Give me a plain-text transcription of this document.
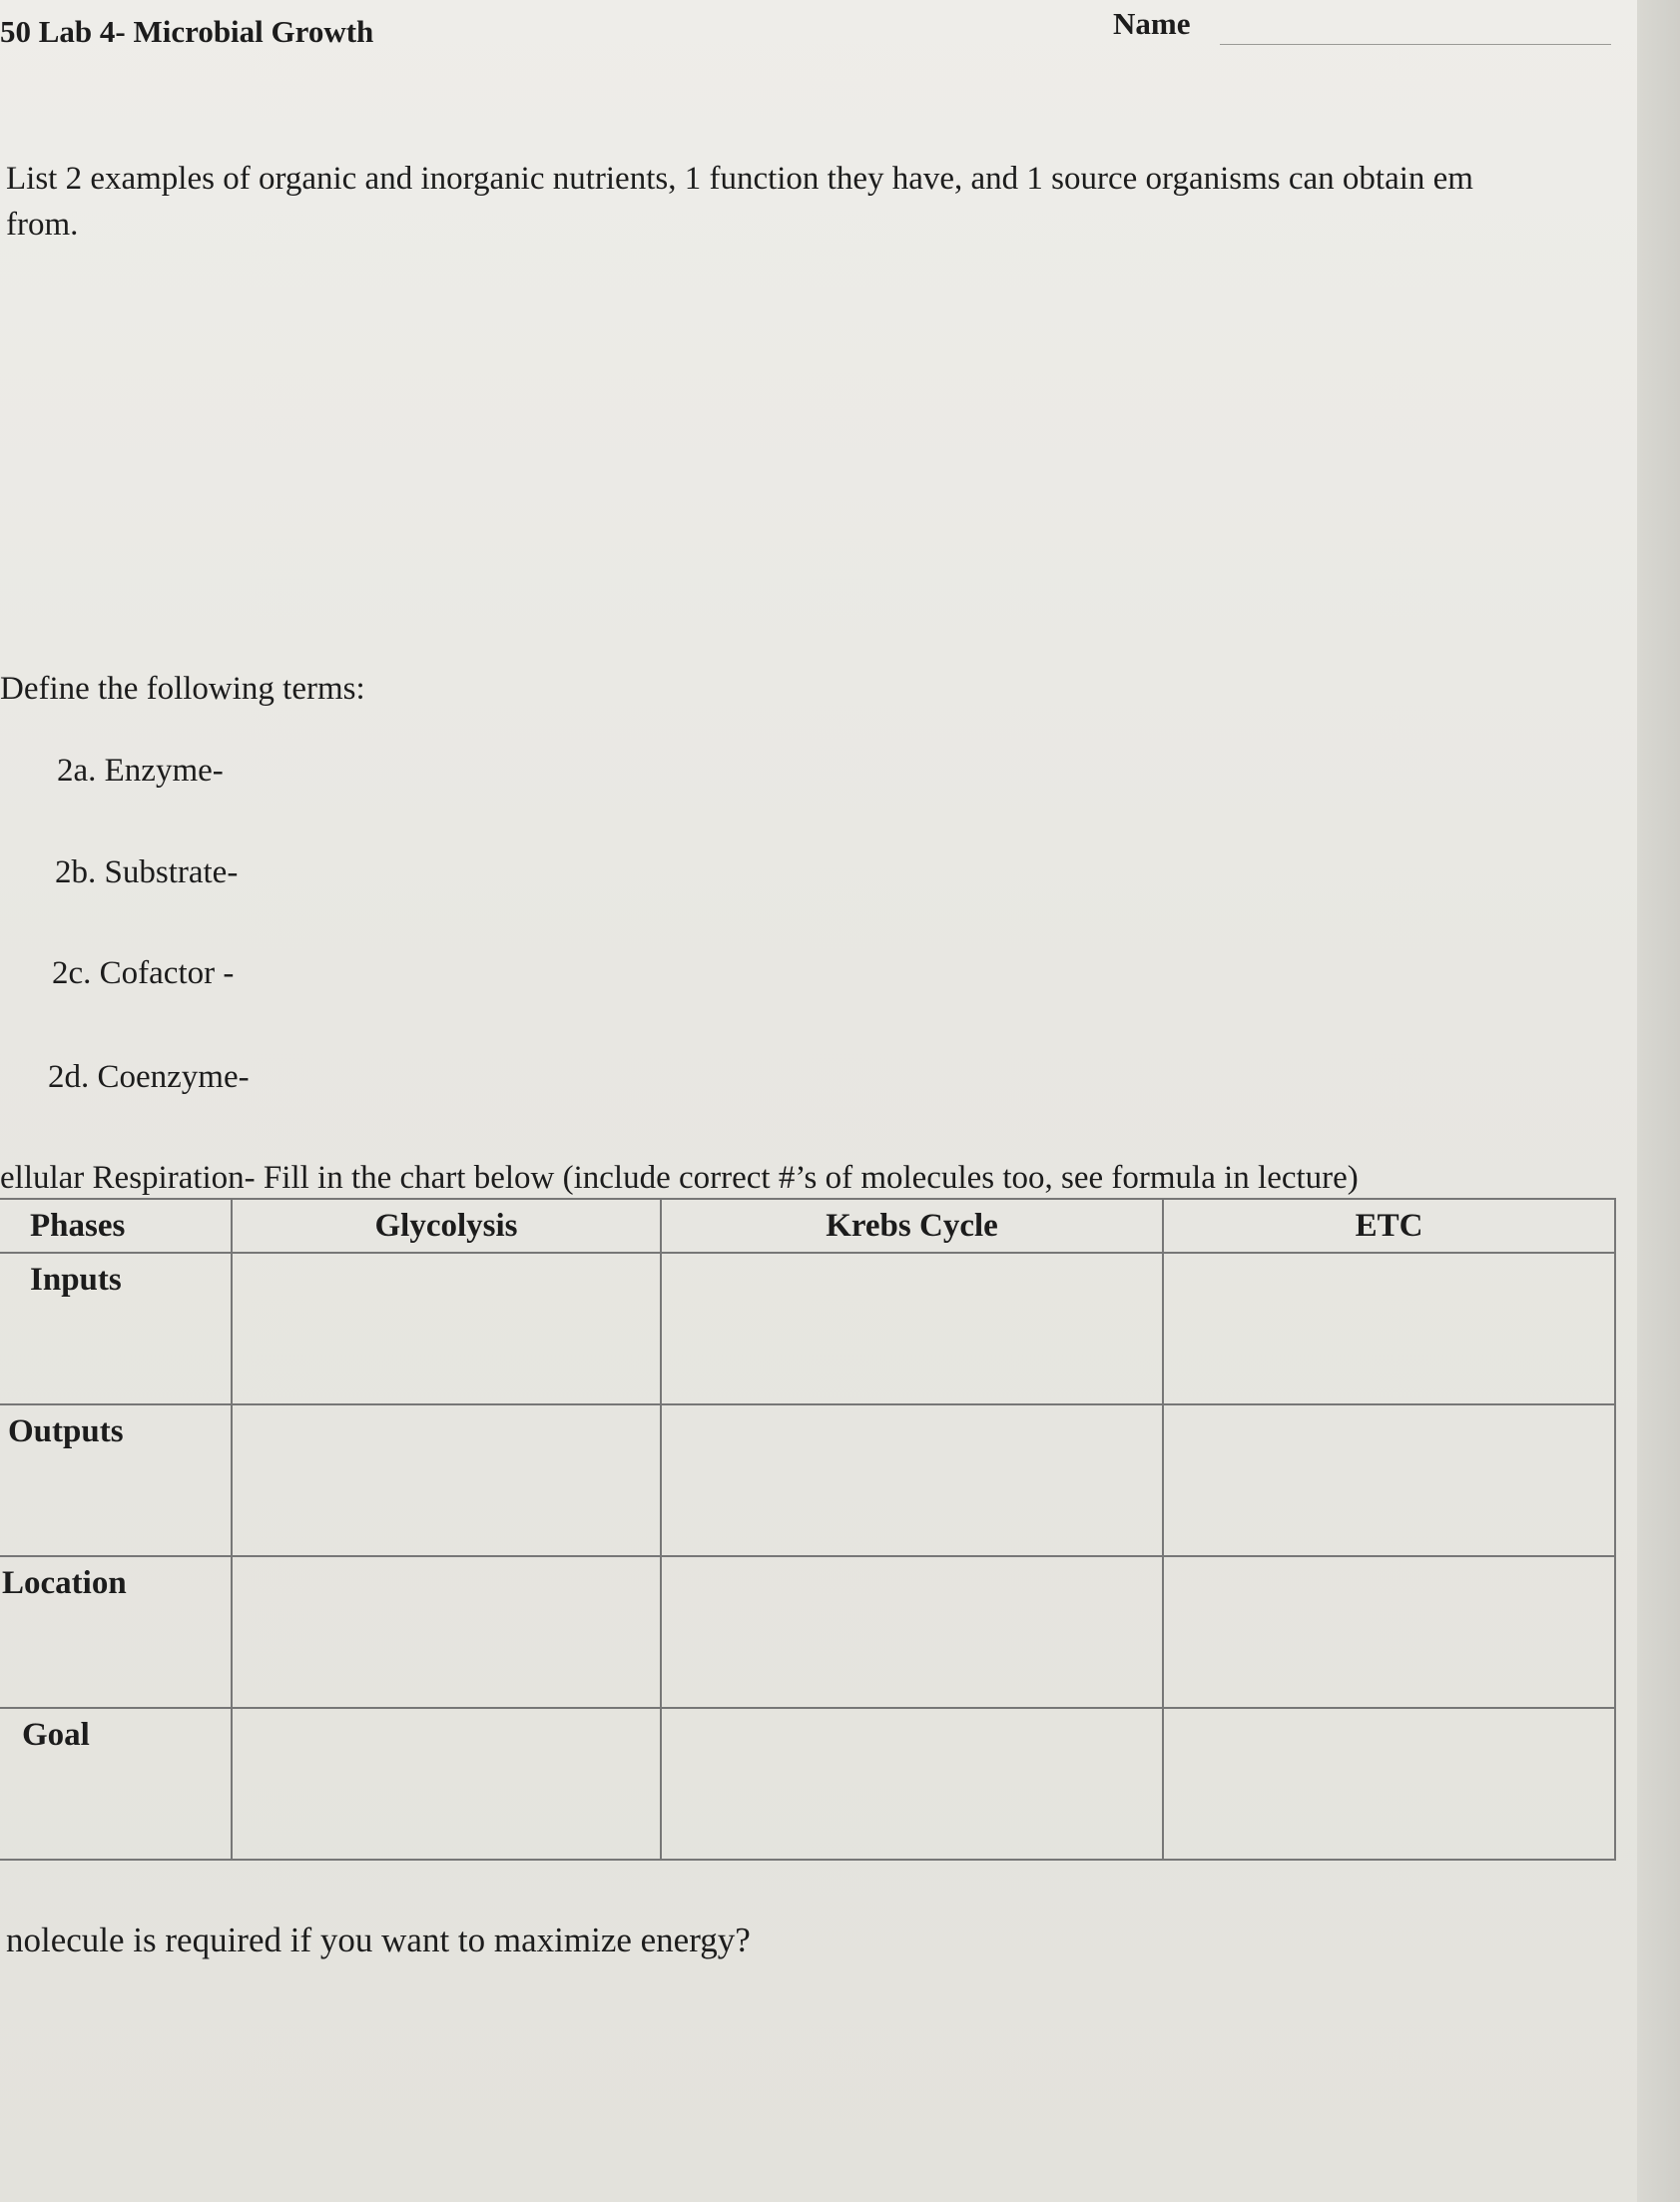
50 Lab 4- Microbial Growth	Name
List 2 examples of organic and inorganic nutrients, 1 function they have, and 1 source organisms can obtain em from.
Define the following terms:
2a. Enzyme-
2b. Substrate-
2c. Cofactor -
2d. Coenzyme-
ellular Respiration- Fill in the chart below (include correct #’s of molecules too, see formula in lecture)
Phases	Glycolysis	Krebs Cycle	ETC
Inputs			
Outputs			
Location			
Goal			
nolecule is required if you want to maximize energy?
